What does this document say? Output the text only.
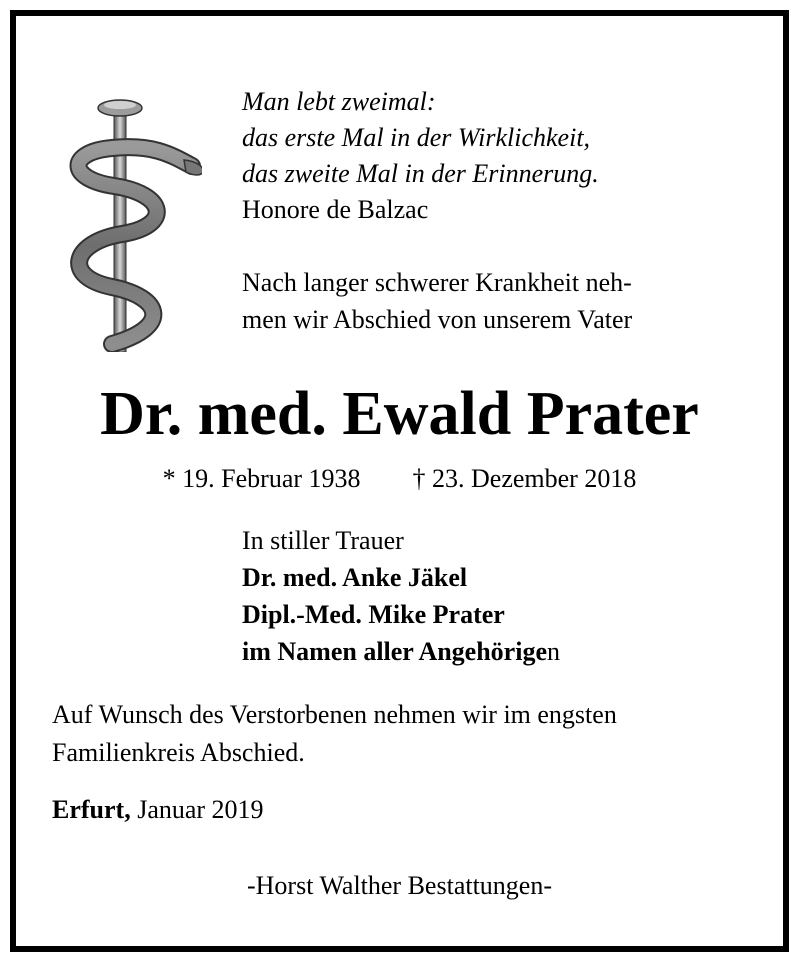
Man lebt zweimal:
das erste Mal in der Wirklichkeit,
das zweite Mal in der Erinnerung.
Honore de Balzac
Nach langer schwerer Krankheit neh-
men wir Abschied von unserem Vater
Dr. med. Ewald Prater
* 19. Februar 1938 † 23. Dezember 2018
In stiller Trauer
Dr. med. Anke Jäkel
Dipl.-Med. Mike Prater
im Namen aller Angehörigen
Auf Wunsch des Verstorbenen nehmen wir im engsten
Familienkreis Abschied.
Erfurt, Januar 2019
-Horst Walther Bestattungen-
